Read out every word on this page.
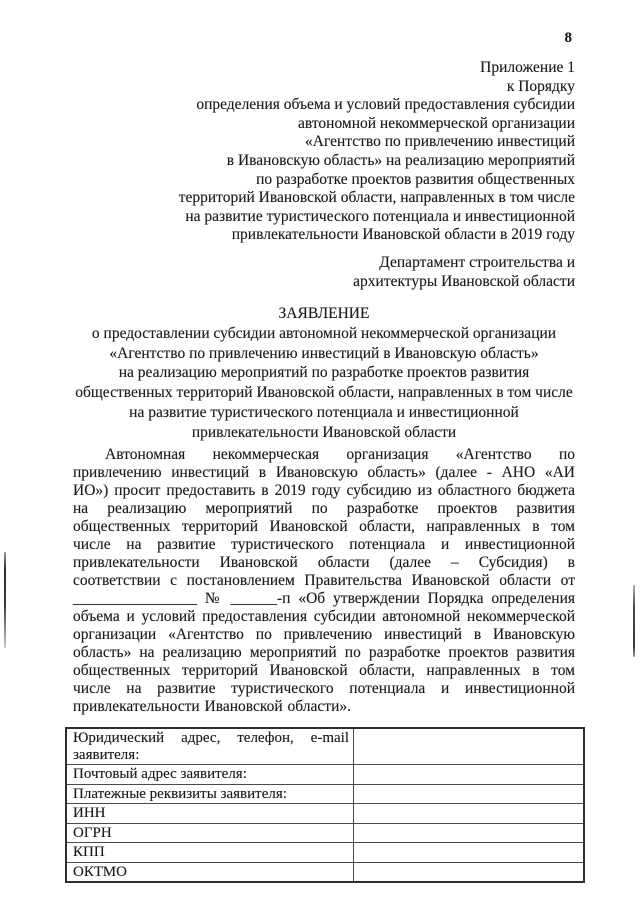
8
Приложение 1
к Порядку
определения объема и условий предоставления субсидии
автономной некоммерческой организации
«Агентство по привлечению инвестиций
в Ивановскую область» на реализацию мероприятий
по разработке проектов развития общественных
территорий Ивановской области, направленных в том числе
на развитие туристического потенциала и инвестиционной
привлекательности Ивановской области в 2019 году
Департамент строительства и
архитектуры Ивановской области
ЗАЯВЛЕНИЕ
о предоставлении субсидии автономной некоммерческой организации
«Агентство по привлечению инвестиций в Ивановскую область»
на реализацию мероприятий по разработке проектов развития
общественных территорий Ивановской области, направленных в том числе
на развитие туристического потенциала и инвестиционной
привлекательности Ивановской области
Автономная некоммерческая организация «Агентство по привлечению инвестиций в Ивановскую область» (далее - АНО «АИ ИО») просит предоставить в 2019 году субсидию из областного бюджета на реализацию мероприятий по разработке проектов развития общественных территорий Ивановской области, направленных в том числе на развитие туристического потенциала и инвестиционной привлекательности Ивановской области (далее – Субсидия) в соответствии с постановлением Правительства Ивановской области от ________________ № ______-п «Об утверждении Порядка определения объема и условий предоставления субсидии автономной некоммерческой организации «Агентство по привлечению инвестиций в Ивановскую область» на реализацию мероприятий по разработке проектов развития общественных территорий Ивановской области, направленных в том числе на развитие туристического потенциала и инвестиционной привлекательности Ивановской области».
Юридический адрес, телефон, e-mail заявителя:	
Почтовый адрес заявителя:	
Платежные реквизиты заявителя:	
ИНН	
ОГРН	
КПП	
ОКТМО	
